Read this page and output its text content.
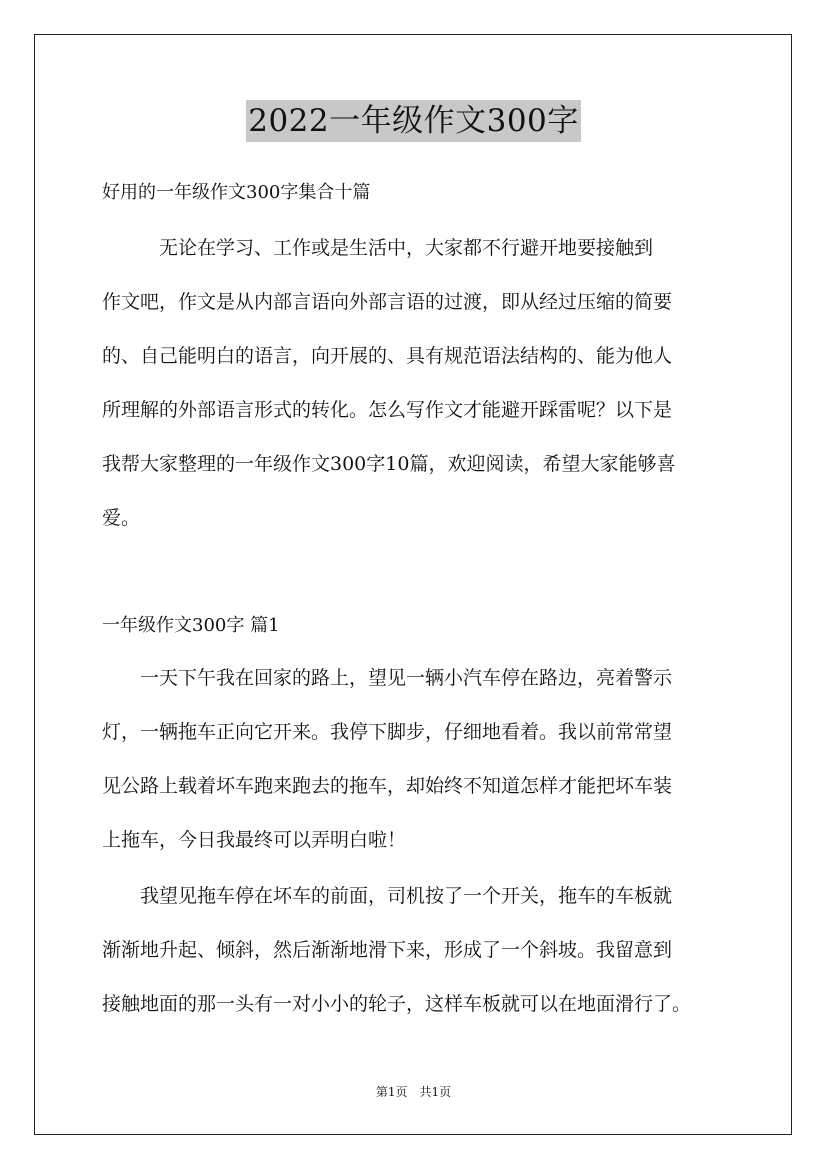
2022一年级作文300字
好用的一年级作文300字集合十篇
　　　无论在学习、工作或是生活中，大家都不行避开地要接触到
作文吧，作文是从内部言语向外部言语的过渡，即从经过压缩的简要
的、自己能明白的语言，向开展的、具有规范语法结构的、能为他人
所理解的外部语言形式的转化。怎么写作文才能避开踩雷呢？以下是
我帮大家整理的一年级作文300字10篇，欢迎阅读，希望大家能够喜
爱。
一年级作文300字 篇1
　　一天下午我在回家的路上，望见一辆小汽车停在路边，亮着警示
灯，一辆拖车正向它开来。我停下脚步，仔细地看着。我以前常常望
见公路上载着坏车跑来跑去的拖车，却始终不知道怎样才能把坏车装
上拖车，今日我最终可以弄明白啦！
　　我望见拖车停在坏车的前面，司机按了一个开关，拖车的车板就
渐渐地升起、倾斜，然后渐渐地滑下来，形成了一个斜坡。我留意到
接触地面的那一头有一对小小的轮子，这样车板就可以在地面滑行了。
第1页　共1页
